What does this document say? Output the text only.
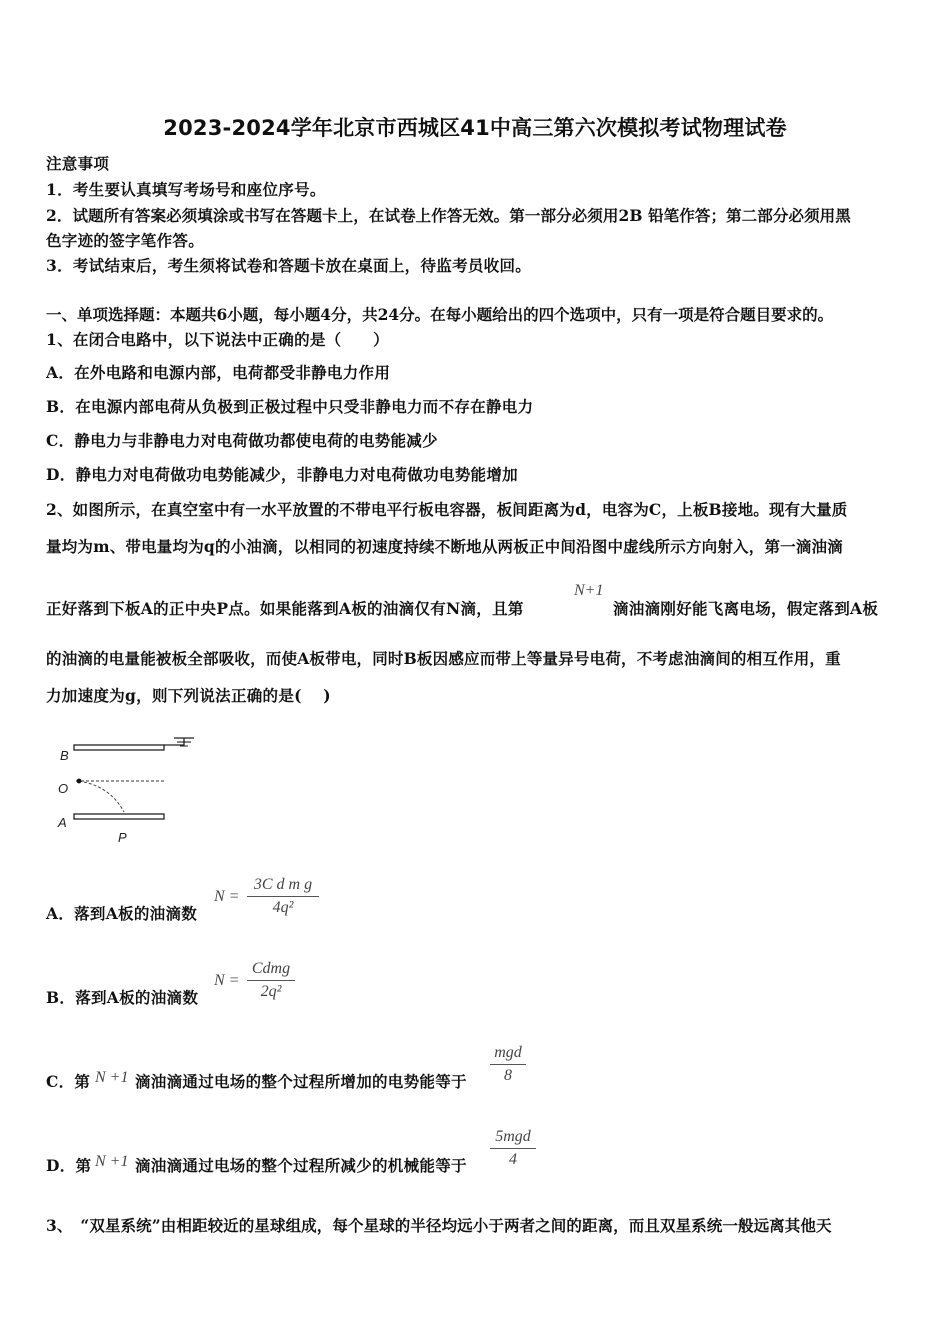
2023-2024学年北京市西城区41中高三第六次模拟考试物理试卷
注意事项
1．考生要认真填写考场号和座位序号。
2．试题所有答案必须填涂或书写在答题卡上，在试卷上作答无效。第一部分必须用2B 铅笔作答；第二部分必须用黑
色字迹的签字笔作答。
3．考试结束后，考生须将试卷和答题卡放在桌面上，待监考员收回。
一、单项选择题：本题共6小题，每小题4分，共24分。在每小题给出的四个选项中，只有一项是符合题目要求的。
1、在闭合电路中，以下说法中正确的是（　　）
A．在外电路和电源内部，电荷都受非静电力作用
B．在电源内部电荷从负极到正极过程中只受非静电力而不存在静电力
C．静电力与非静电力对电荷做功都使电荷的电势能减少
D．静电力对电荷做功电势能减少，非静电力对电荷做功电势能增加
2、如图所示，在真空室中有一水平放置的不带电平行板电容器，板间距离为d，电容为C，上板B接地。现有大量质
量均为m、带电量均为q的小油滴，以相同的初速度持续不断地从两板正中间沿图中虚线所示方向射入，第一滴油滴
正好落到下板A的正中央P点。如果能落到A板的油滴仅有N滴，且第
N+1
滴油滴刚好能飞离电场，假定落到A板
的油滴的电量能被板全部吸收，而使A板带电，同时B板因感应而带上等量异号电荷，不考虑油滴间的相互作用，重
力加速度为g，则下列说法正确的是(　 )
B
O
A
P
A．落到A板的油滴数
N =
3C d m g
4q²
B．落到A板的油滴数
N =
Cdmg
2q²
C．第 N +1 滴油滴通过电场的整个过程所增加的电势能等于
mgd
8
D．第 N +1 滴油滴通过电场的整个过程所减少的机械能等于
5mgd
4
3、　“双星系统”由相距较近的星球组成，每个星球的半径均远小于两者之间的距离，而且双星系统一般远离其他天
